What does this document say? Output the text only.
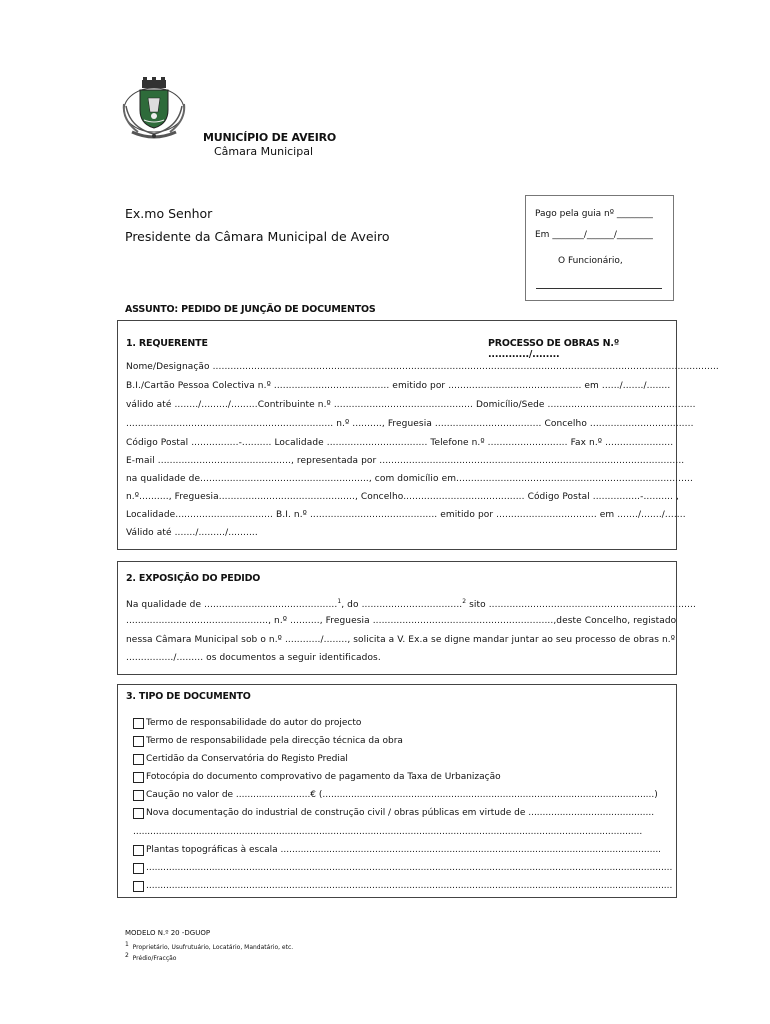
MUNICÍPIO DE AVEIRO
Câmara Municipal
Ex.mo Senhor
Presidente da Câmara Municipal de Aveiro
Pago pela guia nº ________
Em _______/______/________
O Funcionário,
ASSUNTO: PEDIDO DE JUNÇÃO DE DOCUMENTOS
1. REQUERENTE	PROCESSO DE OBRAS N.º ............/........
Nome/Designação ...........................................................................................................................................................................
B.I./Cartão Pessoa Colectiva n.º ....................................... emitido por ............................................. em ....../......./........
válido até ......../........./.........Contribuinte n.º ............................................... Domicílio/Sede ..................................................
...................................................................... n.º .........., Freguesia .................................... Concelho ...................................
Código Postal ................-.......... Localidade .................................. Telefone n.º ........................... Fax n.º .......................
E-mail ............................................., representada por .......................................................................................................
na qualidade de........................................................., com domicílio em................................................................................
n.º.........., Freguesia.............................................., Concelho......................................... Código Postal ................-.......... ,
Localidade................................. B.I. n.º ........................................... emitido por .................................. em ......./......./.......
Válido até ......./........./..........
2. EXPOSIÇÃO DO PEDIDO
Na qualidade de .............................................$^1$, do ..................................$^2$ sito ......................................................................
................................................, n.º .........., Freguesia .............................................................,deste Concelho, registado
nessa Câmara Municipal sob o n.º ............/........, solicita a V. Ex.a se digne mandar juntar ao seu processo de obras n.º
................/......... os documentos a seguir identificados.
3. TIPO DE DOCUMENTO
Termo de responsabilidade do autor do projecto
Termo de responsabilidade pela direcção técnica da obra
Certidão da Conservatória do Registo Predial
Fotocópia do documento comprovativo de pagamento da Taxa de Urbanização
Caução no valor de ..........................€ (....................................................................................................................)
Nova documentação do industrial de construção civil / obras públicas em virtude de ............................................
..................................................................................................................................................................................
Plantas topográficas à escala .....................................................................................................................................
........................................................................................................................................................................................
........................................................................................................................................................................................
MODELO N.º 20 -DGUOP
$^1$ Proprietário, Usufrutuário, Locatário, Mandatário, etc.
$^2$ Prédio/Fracção
